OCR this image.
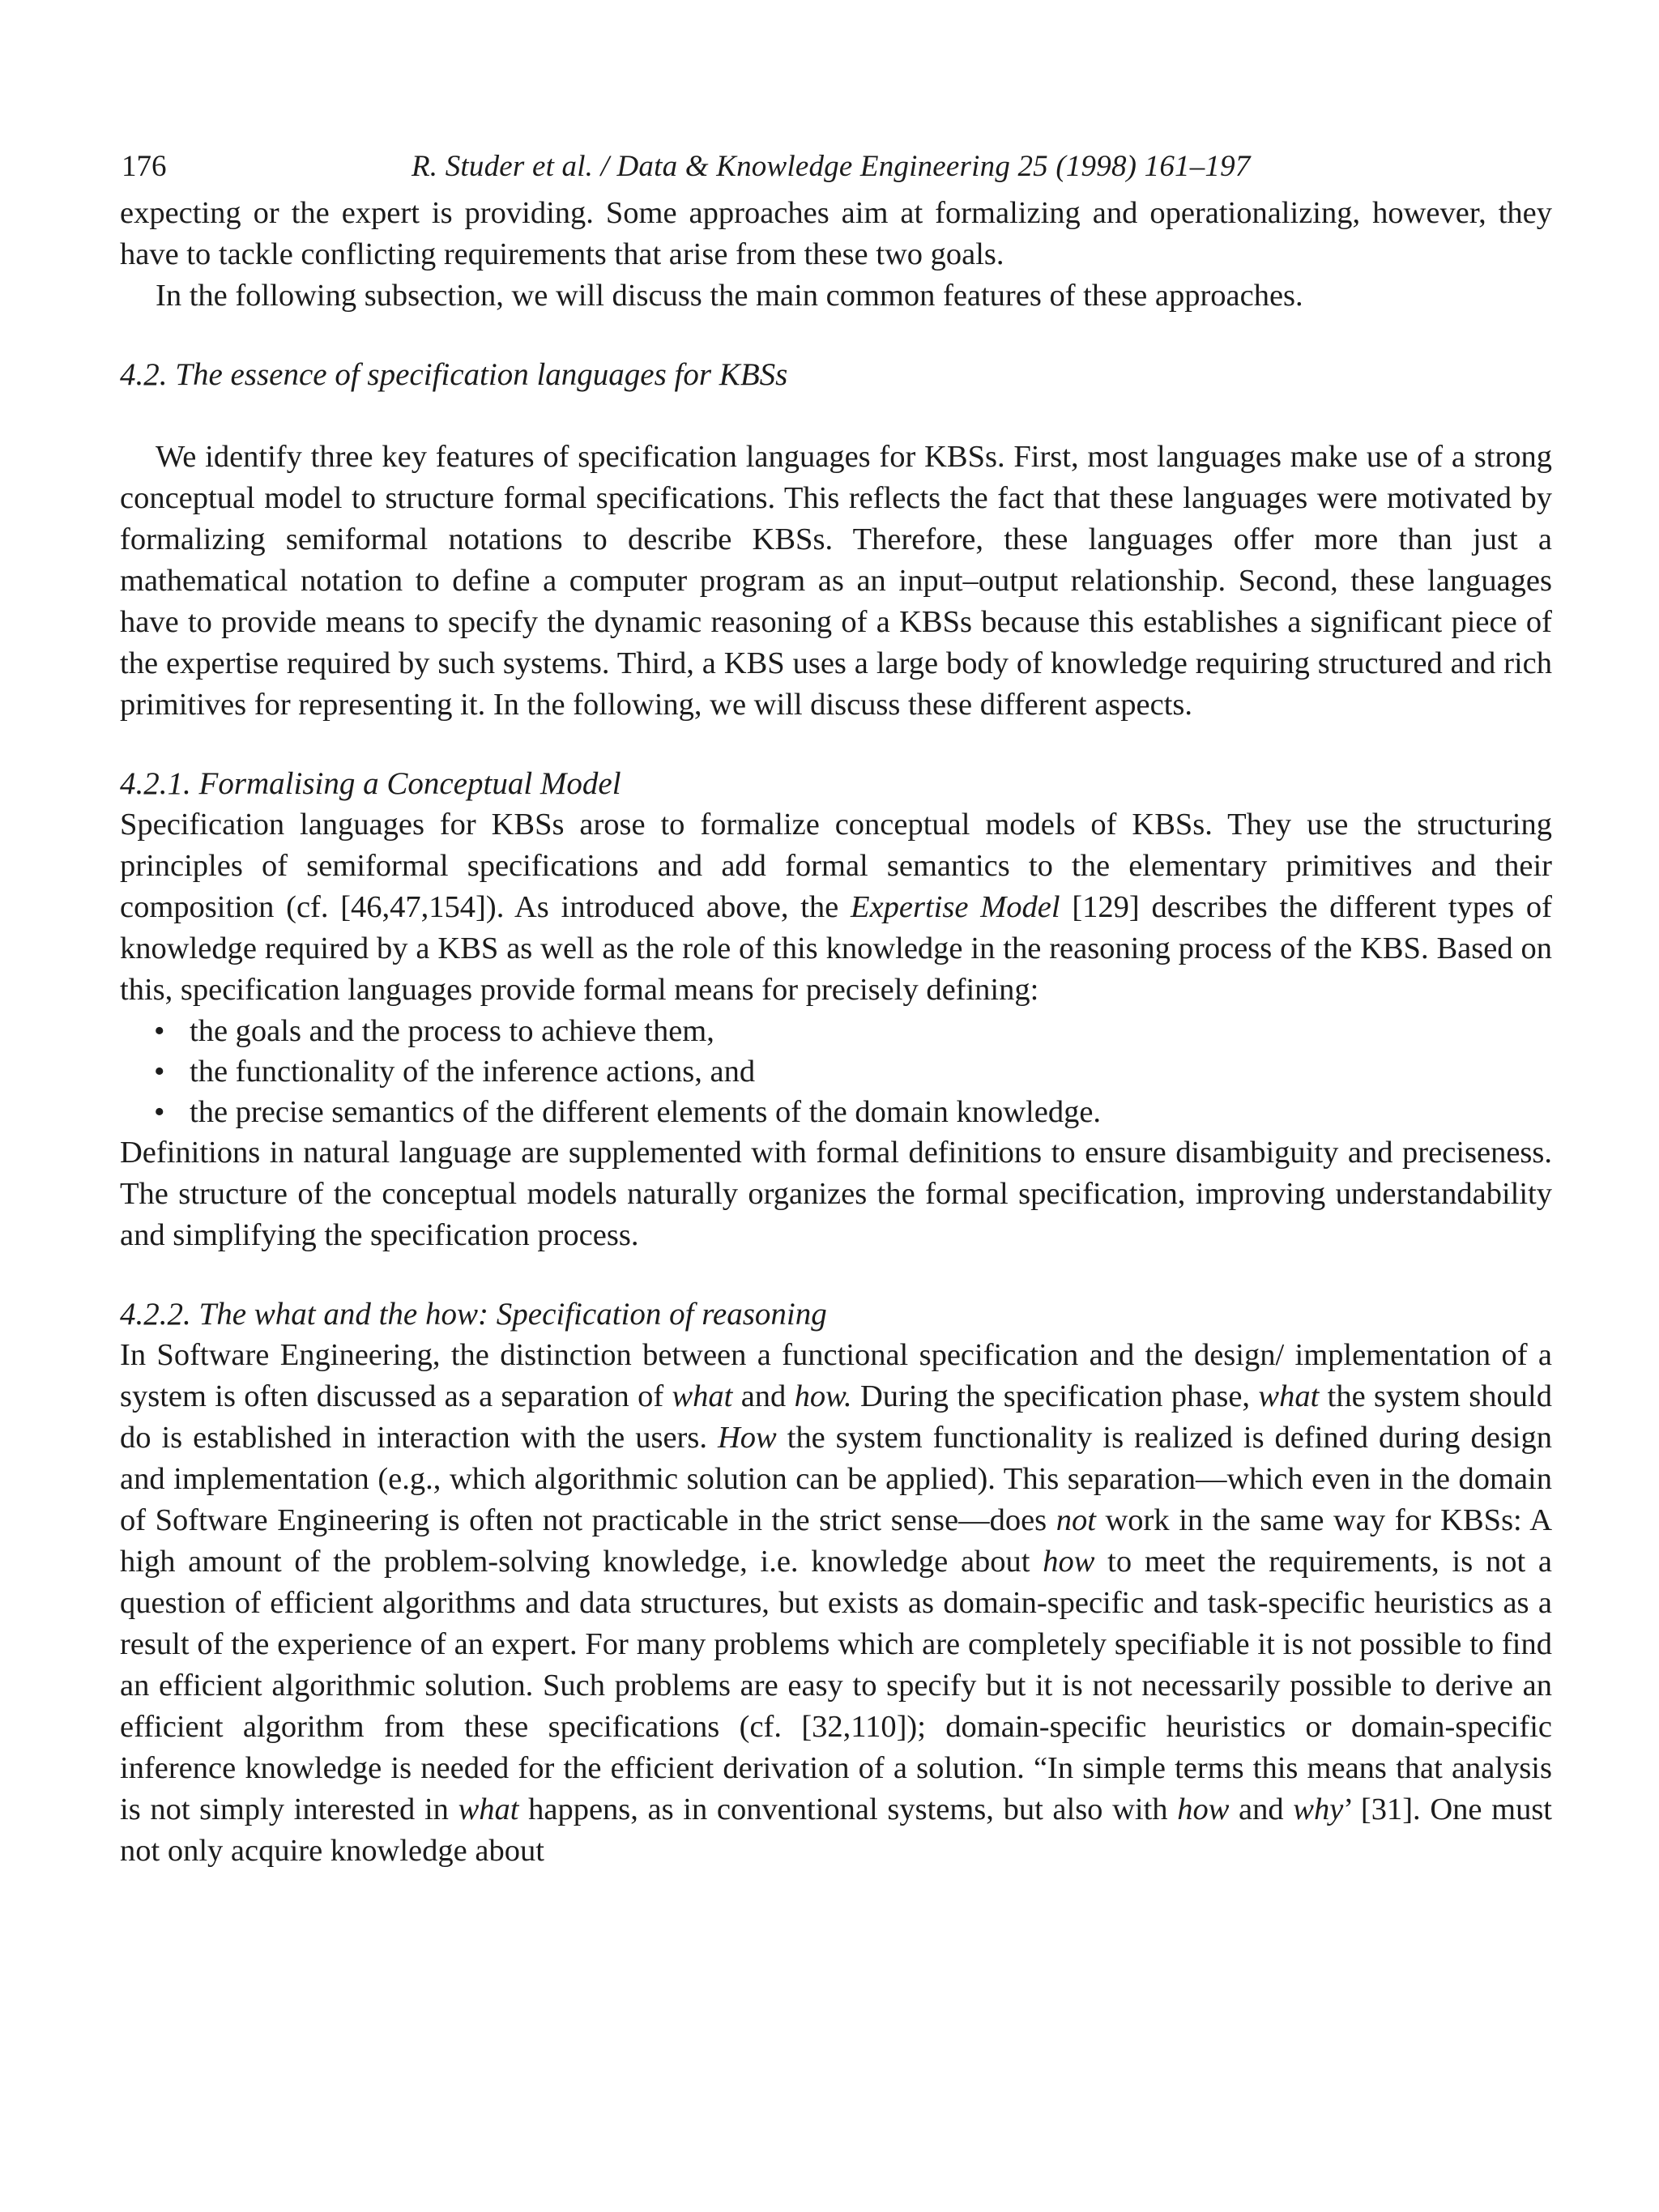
176	R. Studer et al. / Data & Knowledge Engineering 25 (1998) 161–197

expecting or the expert is providing. Some approaches aim at formalizing and operationalizing, however, they have to tackle conflicting requirements that arise from these two goals.

In the following subsection, we will discuss the main common features of these approaches.

4.2. The essence of specification languages for KBSs

We identify three key features of specification languages for KBSs. First, most languages make use of a strong conceptual model to structure formal specifications. This reflects the fact that these languages were motivated by formalizing semiformal notations to describe KBSs. Therefore, these languages offer more than just a mathematical notation to define a computer program as an input–output relationship. Second, these languages have to provide means to specify the dynamic reasoning of a KBSs because this establishes a significant piece of the expertise required by such systems. Third, a KBS uses a large body of knowledge requiring structured and rich primitives for representing it. In the following, we will discuss these different aspects.

4.2.1. Formalising a Conceptual Model

Specification languages for KBSs arose to formalize conceptual models of KBSs. They use the structuring principles of semiformal specifications and add formal semantics to the elementary primitives and their composition (cf. [46,47,154]). As introduced above, the Expertise Model [129] describes the different types of knowledge required by a KBS as well as the role of this knowledge in the reasoning process of the KBS. Based on this, specification languages provide formal means for precisely defining:

• the goals and the process to achieve them,
• the functionality of the inference actions, and
• the precise semantics of the different elements of the domain knowledge.

Definitions in natural language are supplemented with formal definitions to ensure disambiguity and preciseness. The structure of the conceptual models naturally organizes the formal specification, improving understandability and simplifying the specification process.

4.2.2. The what and the how: Specification of reasoning

In Software Engineering, the distinction between a functional specification and the design/ implementation of a system is often discussed as a separation of what and how. During the specification phase, what the system should do is established in interaction with the users. How the system functionality is realized is defined during design and implementation (e.g., which algorithmic solution can be applied). This separation—which even in the domain of Software Engineering is often not practicable in the strict sense—does not work in the same way for KBSs: A high amount of the problem-solving knowledge, i.e. knowledge about how to meet the requirements, is not a question of efficient algorithms and data structures, but exists as domain-specific and task-specific heuristics as a result of the experience of an expert. For many problems which are completely specifiable it is not possible to find an efficient algorithmic solution. Such problems are easy to specify but it is not necessarily possible to derive an efficient algorithm from these specifications (cf. [32,110]); domain-specific heuristics or domain-specific inference knowledge is needed for the efficient derivation of a solution. “In simple terms this means that analysis is not simply interested in what happens, as in conventional systems, but also with how and why’ [31]. One must not only acquire knowledge about
